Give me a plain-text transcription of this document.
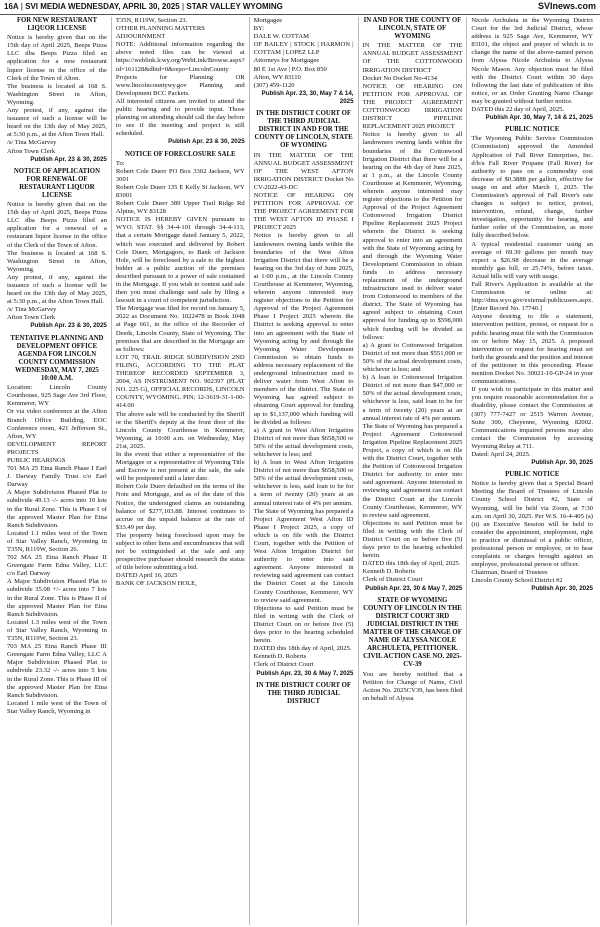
16A | SVI MEDIA WEDNESDAY, APRIL 30, 2025 | STAR VALLEY WYOMING	SVInews.com
FOR NEW RESTAURANT LIQUOR LICENSE

Notice is hereby given that on the 15th day of April 2025, Beeps Pizza LLC dba Beeps Pizza filed an application for a new restaurant liquor license in the office of the Clerk of the Town of Alton.

The business is located at 168 S. Washington Street in Afton, Wyoming.

Any protest, if any, against the issuance of such a license will be heard on the 13th day of May 2025, at 5:30 p.m., at the Afton Town Hall.

/s/ Tina McGarvey

Afton Town Clerk

Publish Apr. 23 & 30, 2025
NOTICE OF APPLICATION FOR RENEWAL OF RESTAURANT LIQUOR LICENSE

Notice is hereby given that on the 15th day of April 2025, Beeps Pizza LLC dba Beeps Pizza filed an application for a renewal of a restaurant liquor license in the office of the Clerk of the Town of Afton.

The business is located at 168 S. Washington Street in Afton, Wyoming.

Any protest, if any, against the issuance of such a license will be heard on the 13th day of May 2025, at 5:30 p.m., at the Afton Town Hall.

/s/ Tina McGarvey

Afton Town Clerk

Publish Apr. 23 & 30, 2025
TENTATIVE PLANNING AND DEVELOPMENT OFFICE AGENDA FOR LINCOLN COUNTY COMMISSION WEDNESDAY, MAY 7, 2025 10:00 A.M.

Location: Lincoln County Courthouse, 925 Sage Ave 3rd Floor, Kemmerer, WY

Or via video conference at the Afton Branch Office Building, EOC Conference room, 421 Jefferson St., Afton, WY

DEVELOPMENT REPORT PROJECTS

PUBLIC HEARINGS

701 MA 25 Etna Ranch Phase I Earl J. Darway Family Trust c/o Earl Darway

A Major Subdivision Phased Plat to subdivide 49.13 -/- acres into 10 lots in the Rural Zone. This is Phase I of the approved Master Plan for Etna Ranch Subdivision.

Located 1.1 miles west of the Town of Star Valley Ranch, Wyoming in T35N, R119W, Section 26.

702 MA 25 Etna Ranch Phase II Greengate Farm Edna Valley, LLC c/o Earl Darway

A Major Subdivision Phased Plat to subdivide 35.08 +/- acres into 7 lots in the Rural Zone. This is Phase II of the approved Master Plan for Etna Ranch Subdivision.

Located 1.3 miles west of the Town of Star Valley Ranch, Wyoming in T35N, R119W, Section 23.

703 MA 25 Etna Ranch Phase III Greengate Farm Edna Valley, LLC A Major Subdivision Phased Plat to subdivide 23.32 -/- acres into 5 lots in the Rural Zone. This is Phase III of the approved Master Plan for Etna Ranch Subdivision.

Located 1 mile west of the Town of Star Valley Ranch, Wyoming in

T35N, R119W, Section 23.

OTHER PLANNING MATTERS

ADJOURNMENT

NOTE: Additional information regarding the above noted files can be viewed at https://weblink.lcwy.org/WebLink/Browse.aspx?id=161128&dbid=0&repo=LincolnCounty

Projects for Planning OR www.lincolncountywy.gov Planning and Development BCC Packets.

All interested citizens are invited to attend the public hearing and to provide input. Those planning on attending should call the day before to see if the meeting and project is still scheduled.

Publish Apr. 23 & 30, 2025
NOTICE OF FORECLOSURE SALE

To:

Robert Cole Duerr PO Box 3302 Jackson, WY 3001

Robert Cole Duerr 135 E Kelly St Jackson, WY 83001

Robert Cole Duerr 389 Upper Trail Ridge Rd Alpine, WY 83128

NOTICE IS HEREBY GIVEN pursuant to WYO. STAT. §§ 34-4-101 through 34-4-113, that a certain Mortgage dated January 5, 2022, which was executed and delivered by Robert Cole Duerr, Mortgagors, to Bank of Jackson Hole, will be foreclosed by a sale to the highest bidder at a public auction of the premises described pursuant to a power of sale contained in the Mortgage. If you wish to contest said sale then you must challenge said sale by filing a lawsuit in a court of competent jurisdiction.

The Mortgage was filed for record on January 5, 2022 as Document No. 1022478 in Book 1048 at Page 661, in the office of the Recorder of Deeds, Lincoln County, State of Wyoming. The premises that are described in the Mortgage are as follows:

LOT 70, TRAIL RIDGE SUBDIVISION 2ND FILING, ACCORDING TO THE PLAT THEREOF RECORDED SEPTEMBER 3, 2004, AS INSTRUMENT NO. 902397 (PLAT NO. 225 G), OFFICIAL RECORDS, LINCOLN COUNTY, WYOMING. PIN: 12-3619-31-1-00-414.00

The above sale will be conducted by the Sheriff or the Sheriff's deputy at the front door of the Lincoln County Courthouse in Kemmerer, Wyoming, at 10:00 a.m. on Wednesday, May 21st, 2025.

In the event that either a representative of the Mortgagee or a representative of Wyoming Title and Escrow is not present at the sale, the sale will be postponed until a later date.

Robert Cole Duerr defaulted on the terms of the Note and Mortgage, and as of the date of this Notice, the undersigned claims an outstanding balance of $277,103.88. Interest continues to accrue on the unpaid balance at the rate of $33.49 per day.

The property being foreclosed upon may be subject to other liens and encumbrances that will not be extinguished at the sale and any prospective purchaser should research the status of title before submitting a bid.

DATED April 16, 2025

BANK OF JACKSON HOLE,

Mortgagee

BY:

DALE W. COTTAM

OF BAILEY | STOCK | HARMON | COTTAM | LOPEZ LLP

Attorneys for Mortgagee

80 E 1st Ave | P.O. Box 850

Afton, WY 83110

(307) 459-1120

Publish Apr. 23, 30, May 7 & 14, 2025
IN THE DISTRICT COURT OF THE THIRD JUDICIAL DISTRICT IN AND FOR THE COUNTY OF LINCOLN, STATE OF WYOMING

IN THE MATTER OF THE ANNUAL BUDGET ASSESSMENT OF THE WEST AFTON IRRIGATION DISTRICT Docket No CV-2022-43-DC

NOTICE OF HEARING ON PETITION FOR APPROVAL OF THE PROJECT AGREEMENT FOR THE WEST AFTON ID PHASE I PROJECT 2025

Notice is hereby given to all landowners owning lands within the boundaries of the West Afton Irrigation District that there will be a hearing on the 3rd day of June 2025, at 1:00 p.m., at the Lincoln County Courthouse at Kemmerer, Wyoming, wherein anyone interested may register objections to the Petition for Approval of the Project Agreement Phase I Project 2025 wherein the District is seeking approval to enter into an agreement with the State of Wyoming acting by and through the Wyoming Water Development Commission to obtain funds to address necessary replacement of the underground infrastructure used to deliver water from West Afton to members of the district. The State of Wyoming has agreed subject to obtaining Court approval for funding up to $1,137,000 which funding will be divided as follows:

a) A grant to West Afton Irrigation District of not more than $658,500 or 50% of the actual development costs, whichever is less; and

b) A loan to West Afton Irrigation District of not more than $658,500 or 50% of the actual development costs, whichever is less, said loan to be for a term of twenty (20) years at an annual interest rate of 4% per annum.

The State of Wyoming has prepared a Project Agreement West Afton ID Phase I Project 2025, a copy of which is on file with the District Court, together with the Petition of West Afton Irrigation District for authority to enter into said agreement. Anyone interested in reviewing said agreement can contact the District Court at the Lincoln County Courthouse, Kemmerer, WY to review said agreement.

Objections to said Petition must be filed in writing with the Clerk of District Court on or before five (5) days prior to the hearing scheduled herein.

DATED this 18th day of April, 2025.

Kenneth D. Roberts

Clerk of District Court

Publish Apr. 23, 30 & May 7, 2025
IN THE DISTRICT COURT OF THE THIRD JUDICIAL DISTRICT
IN AND FOR THE COUNTY OF LINCOLN, STATE OF WYOMING

IN THE MATTER OF THE ANNUAL BUDGET ASSESSMENT OF THE COTTONWOOD IRRIGATION DISTRICT

Docket No Docket No-4134

NOTICE OF HEARING ON PETITION FOR APPROVAL OF THE PROJECT AGREEMENT COTTONWOOD IRRIGATION DISTRICT PIPELINE REPLACEMENT 2025 PROJECT

Notice is hereby given to all landowners owning lands within the boundaries of the Cottonwood Irrigation District that there will be a hearing on the 4th day of June 2025, at 1 p.m., at the Lincoln County Courthouse at Kemmerer, Wyoming, wherein anyone interested may register objections to the Petition for Approval of the Project Agreement Cottonwood Irrigation District Pipeline Replacement 2025 Project wherein the District is seeking approval to enter into an agreement with the State of Wyoming acting by and through the Wyoming Water Development Commission to obtain funds to address necessary replacement of the underground infrastructure used to deliver water from Cottonwood to members of the district. The State of Wyoming has agreed subject to obtaining Court approval for funding up to $598,000 which funding will be divided as follows:

a) A grant to Cottonwood Irrigation District of not more than $551,000 or 50% of the actual development costs, whichever is less; and

b) A loan to Cottonwood Irrigation District of not more than $47,000 or 50% of the actual development costs, whichever is less, said loan to be for a term of twenty (20) years at an annual interest rate of 4% per annum.

The State of Wyoming has prepared a Project Agreement Cottonwood Irrigation Pipeline Replacement 2025 Project, a copy of which is on file with the District Court, together with the Petition of Cottonwood Irrigation District for authority to enter into said agreement. Anyone interested in reviewing said agreement can contact the District Court at the Lincoln County Courthouse, Kemmerer, WY to review said agreement.

Objections to said Petition must be filed in writing with the Clerk of District Court on or before five (5) days prior to the hearing scheduled herein.

DATED this 18th day of April, 2025.

Kenneth D. Roberts

Clerk of District Court

Publish Apr. 23, 30 & May 7, 2025
STATE OF WYOMING COUNTY OF LINCOLN IN THE DISTRICT COURT 3RD JUDICIAL DISTRICT IN THE MATTER OF THE CHANGE OF NAME OF ALYSSA NICOLE ARCHULETA, PETITIONER. CIVIL ACTION CASE NO. 2025-CV-39

You are hereby notified that a Petition for Change of Name, Civil Action No. 2025CV39, has been filed on behalf of Alyssa

Nicole Archuleta in the Wyoming District Court for the 3rd Judicial District, whose address is 925 Sage Ave, Kemmerer, WY 83101, the object and prayer of which is to change the name of the above-named person from Alyssa Nicole Archuleta to Alyssa Nicole Mason. Any objection must be filed with the District Court within 30 days following the last date of publication of this notice, or an Order Granting Name Change may be granted without further notice.

DATED this 22 day of April, 2025.

Publish Apr. 30, May 7, 14 & 21, 2025
PUBLIC NOTICE

The Wyoming Public Service Commission (Commission) approved the Amended Application of Fall River Enterprises, Inc. d/b/a Fall River Propane (Fall River) for authority to pass on a commodity cost decrease of $0.3888 per gallon, effective for usage on and after March 1, 2025. The Commission's approval of Fall River's rate changes is subject to notice, protest, intervention, refund, change, further investigation, opportunity for hearing, and further order of the Commission, as more fully described below.

A typical residential customer using an average of 69.39 gallons per month may expect a $26.98 decrease in the average monthly gas bill, or 25.74%, before taxes. Actual bills will vary with usage.

Fall River's Application is available at the Commission or online at: http://dms.wyo.gov/external/publicusers.aspx. [Enter Record No. 17740.]

Anyone desiring to file a statement, intervention petition, protest, or request for a public hearing must file with the Commission on or before May 15, 2025. A proposed intervention or request for hearing must set forth the grounds and the position and interest of the petitioner in this proceeding. Please mention Docket No. 30021-10-GP-24 in your communications.

If you wish to participate in this matter and you require reasonable accommodation for a disability, please contact the Commission at (307) 777-7427 or 2515 Warren Avenue, Suite 300, Cheyenne, Wyoming 82002. Communications impaired persons may also contact the Commission by accessing Wyoming Relay at 711.

Dated: April 24, 2025.

Publish Apr. 30, 2025
PUBLIC NOTICE

Notice is hereby given that a Special Board Meeting the Board of Trustees of Lincoln County School District #2, State of Wyoming, will be held via Zoom, at 7:30 a.m. on April 30, 2025. Per W.S. 16-4-405 (a)(ii) an Executive Session will be held to consider the appointment, employment, right to practice or dismissal of a public officer, professional person or employee, or to hear complaints or charges brought against an employee, professional person or officer.

Chairman, Board of Trustees

Lincoln County School District #2

Publish Apr. 30, 2025
